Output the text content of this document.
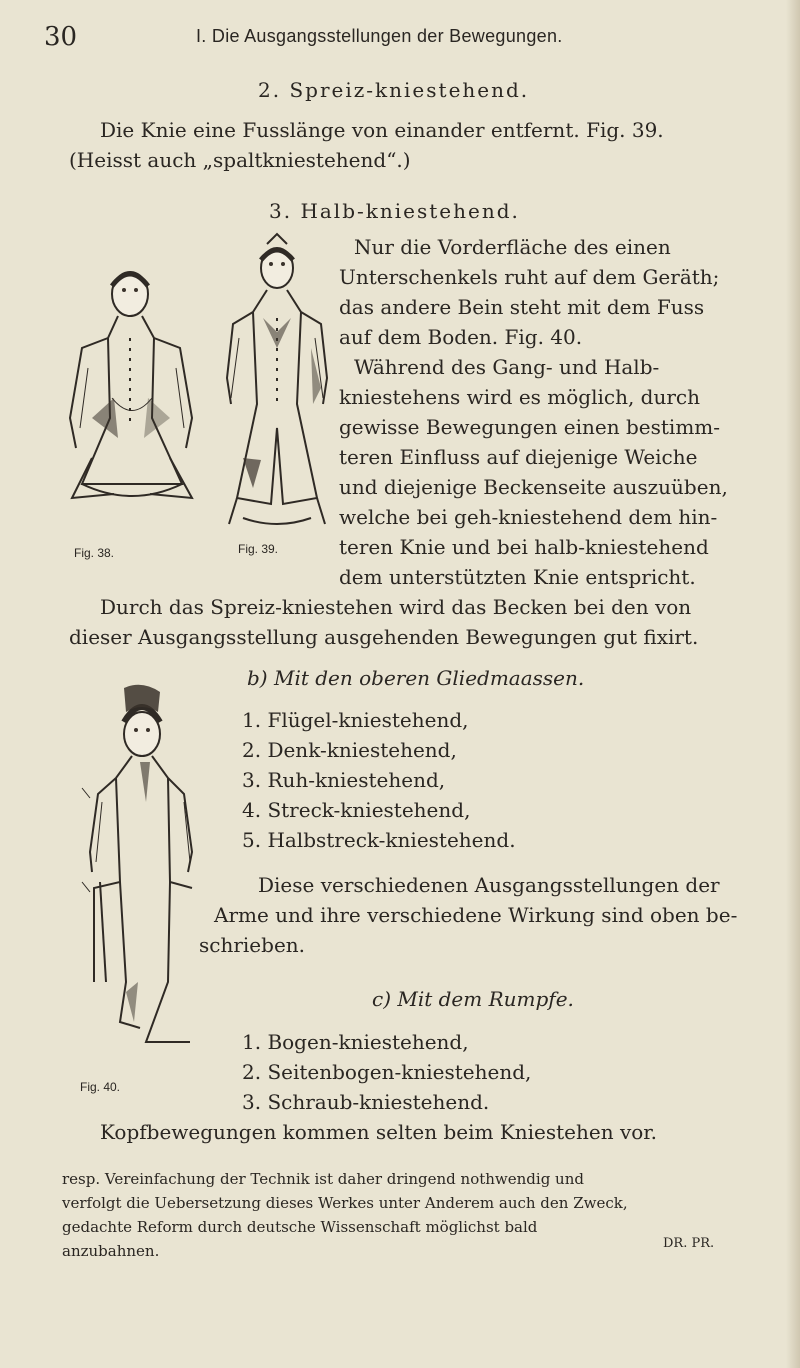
30	I. Die Ausgangsstellungen der Bewegungen.
2. Spreiz-kniestehend.
Die Knie eine Fusslänge von einander entfernt. Fig. 39.
(Heisst auch „spaltkniestehend“.)
3. Halb-kniestehend.
Nur die Vorderfläche des einen
Unterschenkels ruht auf dem Geräth;
das andere Bein steht mit dem Fuss
auf dem Boden. Fig. 40.
Während des Gang- und Halb-
kniestehens wird es möglich, durch
gewisse Bewegungen einen bestimm-
teren Einfluss auf diejenige Weiche
und diejenige Beckenseite auszuüben,
welche bei geh-kniestehend dem hin-
teren Knie und bei halb-kniestehend
dem unterstützten Knie entspricht.
Durch das Spreiz-kniestehen wird das Becken bei den von
dieser Ausgangsstellung ausgehenden Bewegungen gut fixirt.
Fig. 38.	Fig. 39.
b) Mit den oberen Gliedmaassen.
1. Flügel-kniestehend,
2. Denk-kniestehend,
3. Ruh-kniestehend,
4. Streck-kniestehend,
5. Halbstreck-kniestehend.
Diese verschiedenen Ausgangsstellungen der
Arme und ihre verschiedene Wirkung sind oben be-
schrieben.
Fig. 40.
c) Mit dem Rumpfe.
1. Bogen-kniestehend,
2. Seitenbogen-kniestehend,
3. Schraub-kniestehend.
Kopfbewegungen kommen selten beim Kniestehen vor.
resp. Vereinfachung der Technik ist daher dringend nothwendig und
verfolgt die Uebersetzung dieses Werkes unter Anderem auch den Zweck,
gedachte Reform durch deutsche Wissenschaft möglichst bald
anzubahnen.	DR. PR.
